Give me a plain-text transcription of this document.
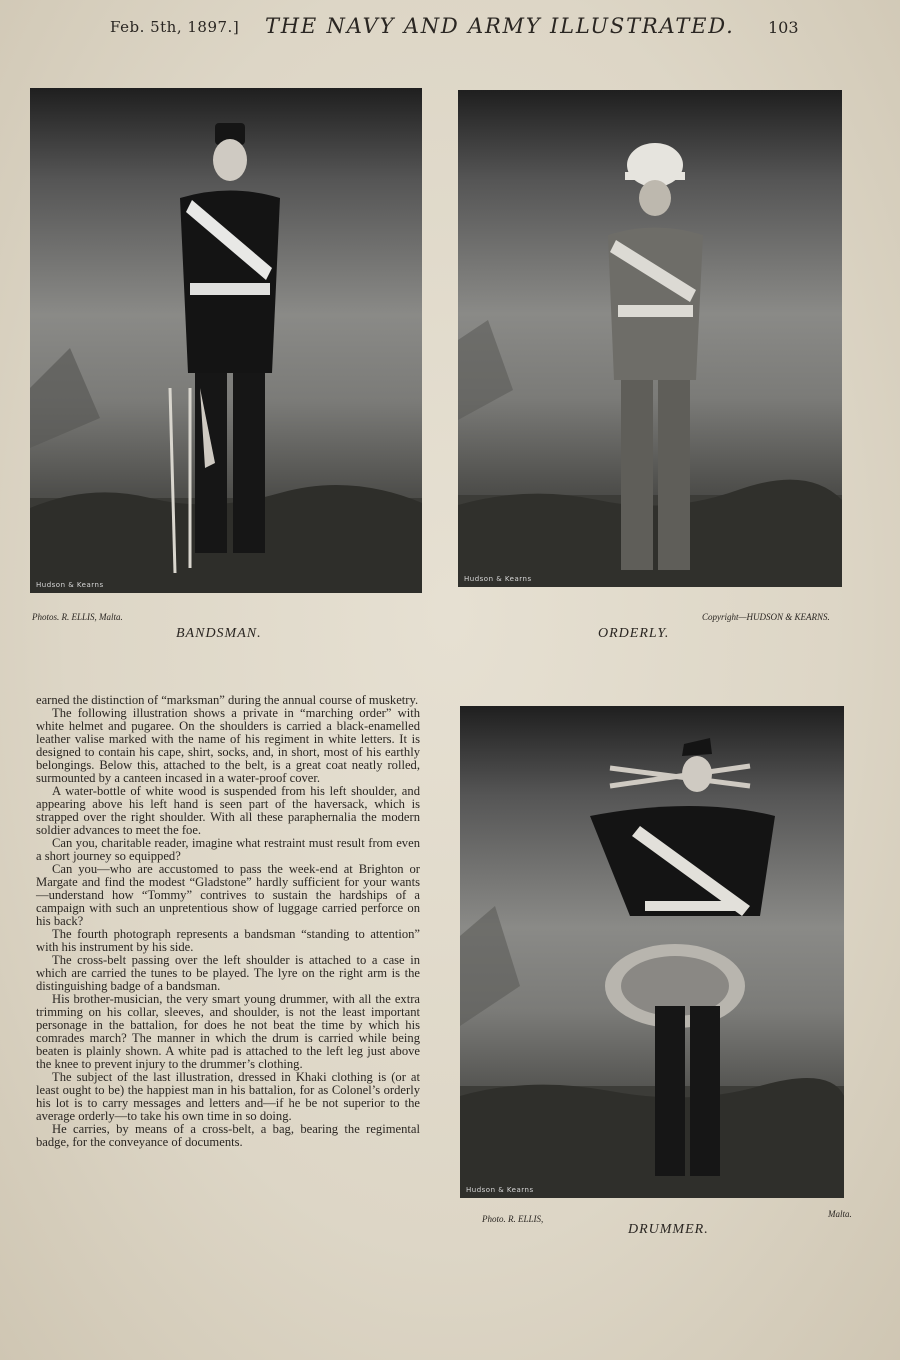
Feb. 5th, 1897.] THE NAVY AND ARMY ILLUSTRATED. 103
Hudson & Kearns
Photos. R. ELLIS, Malta.
BANDSMAN.
Hudson & Kearns
Copyright—HUDSON & KEARNS.
ORDERLY.

earned the distinction of “marksman” during the annual course of musketry.

The following illustration shows a private in “marching order” with white helmet and pugaree. On the shoulders is carried a black-enamelled leather valise marked with the name of his regiment in white letters. It is designed to contain his cape, shirt, socks, and, in short, most of his earthly belongings. Below this, attached to the belt, is a great coat neatly rolled, surmounted by a canteen incased in a water-proof cover.

A water-bottle of white wood is suspended from his left shoulder, and appearing above his left hand is seen part of the haversack, which is strapped over the right shoulder. With all these paraphernalia the modern soldier advances to meet the foe.

Can you, charitable reader, imagine what restraint must result from even a short journey so equipped?

Can you—who are accustomed to pass the week-end at Brighton or Margate and find the modest “Gladstone” hardly sufficient for your wants—understand how “Tommy” contrives to sustain the hardships of a campaign with such an unpretentious show of luggage carried perforce on his back?

The fourth photograph represents a bandsman “standing to attention” with his instrument by his side.

The cross-belt passing over the left shoulder is attached to a case in which are carried the tunes to be played. The lyre on the right arm is the distinguishing badge of a bandsman.

His brother-musician, the very smart young drummer, with all the extra trimming on his collar, sleeves, and shoulder, is not the least important personage in the battalion, for does he not beat the time by which his comrades march? The manner in which the drum is carried while being beaten is plainly shown. A white pad is attached to the left leg just above the knee to prevent injury to the drummer’s clothing.

The subject of the last illustration, dressed in Khaki clothing is (or at least ought to be) the happiest man in his battalion, for as Colonel’s orderly his lot is to carry messages and letters and—if he be not superior to the average orderly—to take his own time in so doing.

He carries, by means of a cross-belt, a bag, bearing the regimental badge, for the conveyance of documents.

Hudson & Kearns
Photo. R. ELLIS,	Malta.
DRUMMER.
